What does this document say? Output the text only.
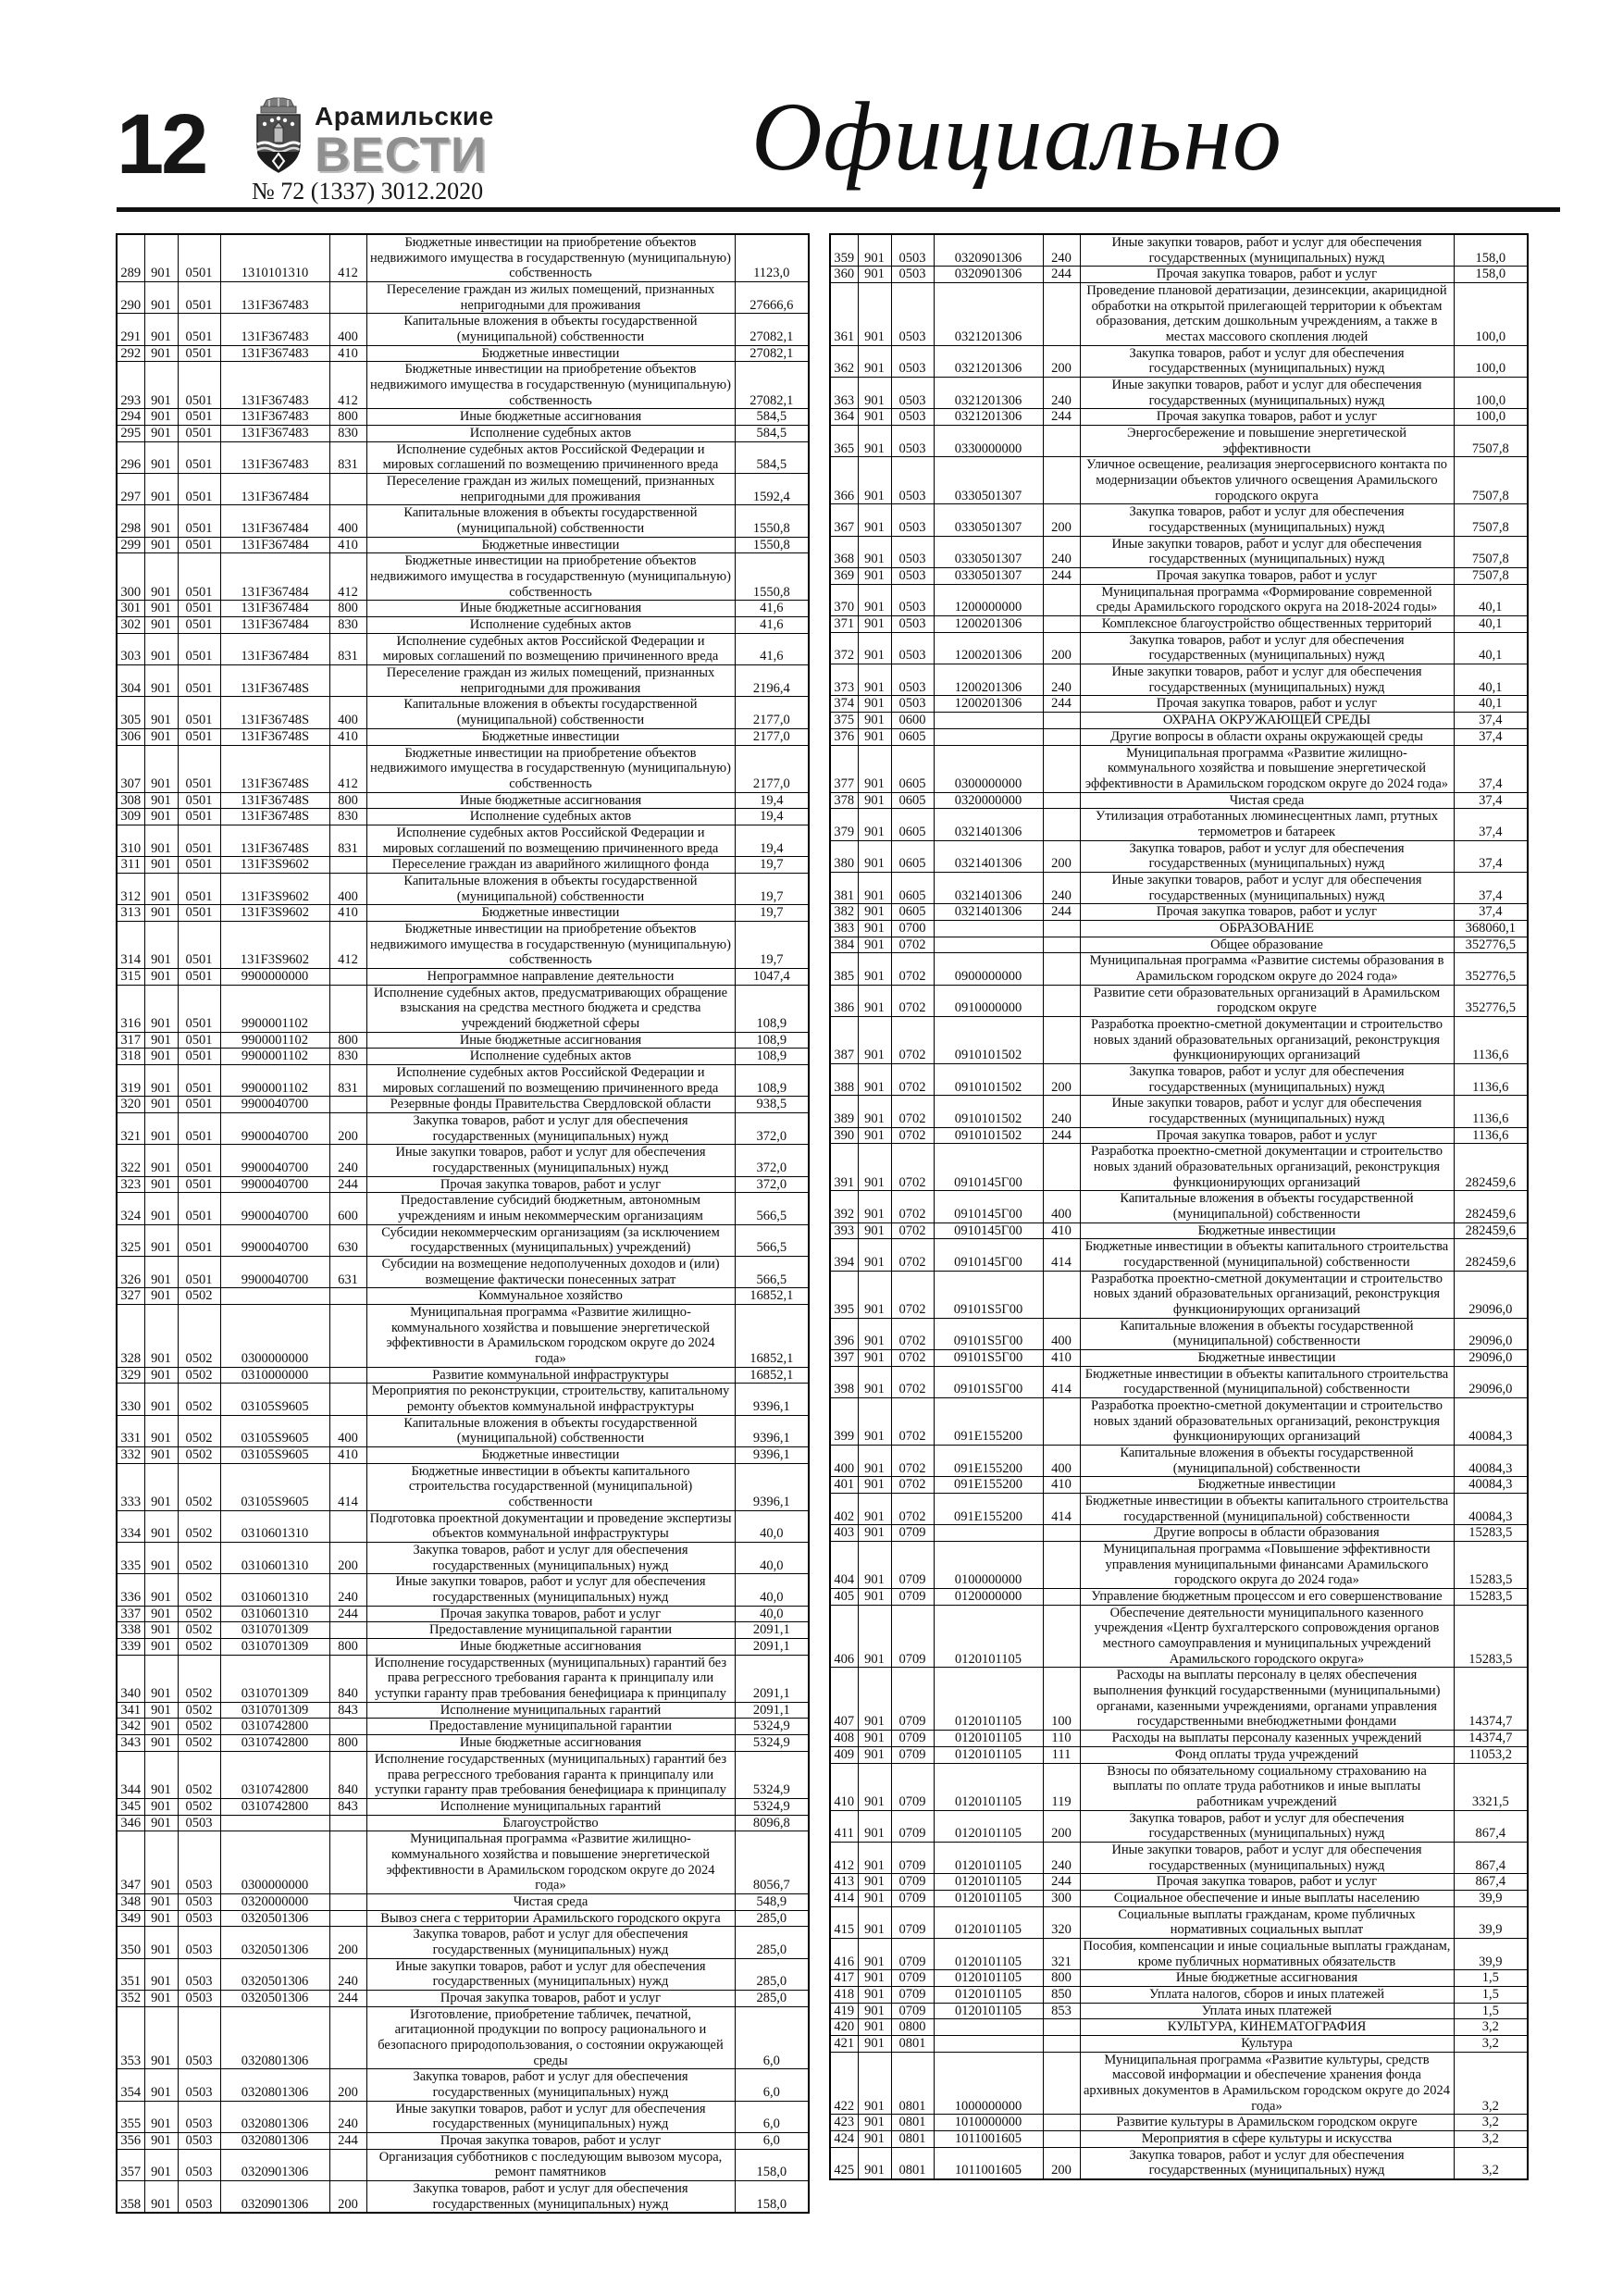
12	Арамильские
ВЕСТИ
№ 72 (1337) 3012.2020
Официально
289	901	0501	1310101310	412	Бюджетные инвестиции на приобретение объектов недвижимого имущества в государственную (муниципальную) собственность	1123,0
290	901	0501	131F367483		Переселение граждан из жилых помещений, признанных непригодными для проживания	27666,6
291	901	0501	131F367483	400	Капитальные вложения в объекты государственной (муниципальной) собственности	27082,1
292	901	0501	131F367483	410	Бюджетные инвестиции	27082,1
293	901	0501	131F367483	412	Бюджетные инвестиции на приобретение объектов недвижимого имущества в государственную (муниципальную) собственность	27082,1
294	901	0501	131F367483	800	Иные бюджетные ассигнования	584,5
295	901	0501	131F367483	830	Исполнение судебных актов	584,5
296	901	0501	131F367483	831	Исполнение судебных актов Российской Федерации и мировых соглашений по возмещению причиненного вреда	584,5
297	901	0501	131F367484		Переселение граждан из жилых помещений, признанных непригодными для проживания	1592,4
298	901	0501	131F367484	400	Капитальные вложения в объекты государственной (муниципальной) собственности	1550,8
299	901	0501	131F367484	410	Бюджетные инвестиции	1550,8
300	901	0501	131F367484	412	Бюджетные инвестиции на приобретение объектов недвижимого имущества в государственную (муниципальную) собственность	1550,8
301	901	0501	131F367484	800	Иные бюджетные ассигнования	41,6
302	901	0501	131F367484	830	Исполнение судебных актов	41,6
303	901	0501	131F367484	831	Исполнение судебных актов Российской Федерации и мировых соглашений по возмещению причиненного вреда	41,6
304	901	0501	131F36748S		Переселение граждан из жилых помещений, признанных непригодными для проживания	2196,4
305	901	0501	131F36748S	400	Капитальные вложения в объекты государственной (муниципальной) собственности	2177,0
306	901	0501	131F36748S	410	Бюджетные инвестиции	2177,0
307	901	0501	131F36748S	412	Бюджетные инвестиции на приобретение объектов недвижимого имущества в государственную (муниципальную) собственность	2177,0
308	901	0501	131F36748S	800	Иные бюджетные ассигнования	19,4
309	901	0501	131F36748S	830	Исполнение судебных актов	19,4
310	901	0501	131F36748S	831	Исполнение судебных актов Российской Федерации и мировых соглашений по возмещению причиненного вреда	19,4
311	901	0501	131F3S9602		Переселение граждан из аварийного жилищного фонда	19,7
312	901	0501	131F3S9602	400	Капитальные вложения в объекты государственной (муниципальной) собственности	19,7
313	901	0501	131F3S9602	410	Бюджетные инвестиции	19,7
314	901	0501	131F3S9602	412	Бюджетные инвестиции на приобретение объектов недвижимого имущества в государственную (муниципальную) собственность	19,7
315	901	0501	9900000000		Непрограммное направление деятельности	1047,4
316	901	0501	9900001102		Исполнение судебных актов, предусматривающих обращение взыскания на средства местного бюджета и средства учреждений бюджетной сферы	108,9
317	901	0501	9900001102	800	Иные бюджетные ассигнования	108,9
318	901	0501	9900001102	830	Исполнение судебных актов	108,9
319	901	0501	9900001102	831	Исполнение судебных актов Российской Федерации и мировых соглашений по возмещению причиненного вреда	108,9
320	901	0501	9900040700		Резервные фонды Правительства Свердловской области	938,5
321	901	0501	9900040700	200	Закупка товаров, работ и услуг для обеспечения государственных (муниципальных) нужд	372,0
322	901	0501	9900040700	240	Иные закупки товаров, работ и услуг для обеспечения государственных (муниципальных) нужд	372,0
323	901	0501	9900040700	244	Прочая закупка товаров, работ и услуг	372,0
324	901	0501	9900040700	600	Предоставление субсидий бюджетным, автономным учреждениям и иным некоммерческим организациям	566,5
325	901	0501	9900040700	630	Субсидии некоммерческим организациям (за исключением государственных (муниципальных) учреждений)	566,5
326	901	0501	9900040700	631	Субсидии на возмещение недополученных доходов и (или) возмещение фактически понесенных затрат	566,5
327	901	0502			Коммунальное хозяйство	16852,1
328	901	0502	0300000000		Муниципальная программа «Развитие жилищно-коммунального хозяйства и повышение энергетической эффективности в Арамильском городском округе до 2024 года»	16852,1
329	901	0502	0310000000		Развитие коммунальной инфраструктуры	16852,1
330	901	0502	03105S9605		Мероприятия по реконструкции, строительству, капитальному ремонту объектов коммунальной инфраструктуры	9396,1
331	901	0502	03105S9605	400	Капитальные вложения в объекты государственной (муниципальной) собственности	9396,1
332	901	0502	03105S9605	410	Бюджетные инвестиции	9396,1
333	901	0502	03105S9605	414	Бюджетные инвестиции в объекты капитального строительства государственной (муниципальной) собственности	9396,1
334	901	0502	0310601310		Подготовка проектной документации и проведение экспертизы объектов коммунальной инфраструктуры	40,0
335	901	0502	0310601310	200	Закупка товаров, работ и услуг для обеспечения государственных (муниципальных) нужд	40,0
336	901	0502	0310601310	240	Иные закупки товаров, работ и услуг для обеспечения государственных (муниципальных) нужд	40,0
337	901	0502	0310601310	244	Прочая закупка товаров, работ и услуг	40,0
338	901	0502	0310701309		Предоставление муниципальной гарантии	2091,1
339	901	0502	0310701309	800	Иные бюджетные ассигнования	2091,1
340	901	0502	0310701309	840	Исполнение государственных (муниципальных) гарантий без права регрессного требования гаранта к принципалу или уступки гаранту прав требования бенефициара к принципалу	2091,1
341	901	0502	0310701309	843	Исполнение муниципальных гарантий	2091,1
342	901	0502	0310742800		Предоставление муниципальной гарантии	5324,9
343	901	0502	0310742800	800	Иные бюджетные ассигнования	5324,9
344	901	0502	0310742800	840	Исполнение государственных (муниципальных) гарантий без права регрессного требования гаранта к принципалу или уступки гаранту прав требования бенефициара к принципалу	5324,9
345	901	0502	0310742800	843	Исполнение муниципальных гарантий	5324,9
346	901	0503			Благоустройство	8096,8
347	901	0503	0300000000		Муниципальная программа «Развитие жилищно-коммунального хозяйства и повышение энергетической эффективности в Арамильском городском округе до 2024 года»	8056,7
348	901	0503	0320000000		Чистая среда	548,9
349	901	0503	0320501306		Вывоз снега с территории Арамильского городского округа	285,0
350	901	0503	0320501306	200	Закупка товаров, работ и услуг для обеспечения государственных (муниципальных) нужд	285,0
351	901	0503	0320501306	240	Иные закупки товаров, работ и услуг для обеспечения государственных (муниципальных) нужд	285,0
352	901	0503	0320501306	244	Прочая закупка товаров, работ и услуг	285,0
353	901	0503	0320801306		Изготовление, приобретение табличек, печатной, агитационной продукции по вопросу рационального и безопасного природопользования, о состоянии окружающей среды	6,0
354	901	0503	0320801306	200	Закупка товаров, работ и услуг для обеспечения государственных (муниципальных) нужд	6,0
355	901	0503	0320801306	240	Иные закупки товаров, работ и услуг для обеспечения государственных (муниципальных) нужд	6,0
356	901	0503	0320801306	244	Прочая закупка товаров, работ и услуг	6,0
357	901	0503	0320901306		Организация субботников с последующим вывозом мусора, ремонт памятников	158,0
358	901	0503	0320901306	200	Закупка товаров, работ и услуг для обеспечения государственных (муниципальных) нужд	158,0
359	901	0503	0320901306	240	Иные закупки товаров, работ и услуг для обеспечения государственных (муниципальных) нужд	158,0
360	901	0503	0320901306	244	Прочая закупка товаров, работ и услуг	158,0
361	901	0503	0321201306		Проведение плановой дератизации, дезинсекции, акарицидной обработки на открытой прилегающей территории к объектам образования, детским дошкольным учреждениям, а также в местах массового скопления людей	100,0
362	901	0503	0321201306	200	Закупка товаров, работ и услуг для обеспечения государственных (муниципальных) нужд	100,0
363	901	0503	0321201306	240	Иные закупки товаров, работ и услуг для обеспечения государственных (муниципальных) нужд	100,0
364	901	0503	0321201306	244	Прочая закупка товаров, работ и услуг	100,0
365	901	0503	0330000000		Энергосбережение и повышение энергетической эффективности	7507,8
366	901	0503	0330501307		Уличное освещение, реализация энергосервисного контакта по модернизации объектов уличного освещения Арамильского городского округа	7507,8
367	901	0503	0330501307	200	Закупка товаров, работ и услуг для обеспечения государственных (муниципальных) нужд	7507,8
368	901	0503	0330501307	240	Иные закупки товаров, работ и услуг для обеспечения государственных (муниципальных) нужд	7507,8
369	901	0503	0330501307	244	Прочая закупка товаров, работ и услуг	7507,8
370	901	0503	1200000000		Муниципальная программа «Формирование современной среды Арамильского городского округа на 2018-2024 годы»	40,1
371	901	0503	1200201306		Комплексное благоустройство общественных территорий	40,1
372	901	0503	1200201306	200	Закупка товаров, работ и услуг для обеспечения государственных (муниципальных) нужд	40,1
373	901	0503	1200201306	240	Иные закупки товаров, работ и услуг для обеспечения государственных (муниципальных) нужд	40,1
374	901	0503	1200201306	244	Прочая закупка товаров, работ и услуг	40,1
375	901	0600			ОХРАНА ОКРУЖАЮЩЕЙ СРЕДЫ	37,4
376	901	0605			Другие вопросы в области охраны окружающей среды	37,4
377	901	0605	0300000000		Муниципальная программа «Развитие жилищно-коммунального хозяйства и повышение энергетической эффективности в Арамильском городском округе до 2024 года»	37,4
378	901	0605	0320000000		Чистая среда	37,4
379	901	0605	0321401306		Утилизация отработанных люминесцентных ламп, ртутных термометров и батареек	37,4
380	901	0605	0321401306	200	Закупка товаров, работ и услуг для обеспечения государственных (муниципальных) нужд	37,4
381	901	0605	0321401306	240	Иные закупки товаров, работ и услуг для обеспечения государственных (муниципальных) нужд	37,4
382	901	0605	0321401306	244	Прочая закупка товаров, работ и услуг	37,4
383	901	0700			ОБРАЗОВАНИЕ	368060,1
384	901	0702			Общее образование	352776,5
385	901	0702	0900000000		Муниципальная программа «Развитие системы образования в Арамильском городском округе до 2024 года»	352776,5
386	901	0702	0910000000		Развитие сети образовательных организаций в Арамильском городском округе	352776,5
387	901	0702	0910101502		Разработка проектно-сметной документации и строительство новых зданий образовательных организаций, реконструкция функционирующих организаций	1136,6
388	901	0702	0910101502	200	Закупка товаров, работ и услуг для обеспечения государственных (муниципальных) нужд	1136,6
389	901	0702	0910101502	240	Иные закупки товаров, работ и услуг для обеспечения государственных (муниципальных) нужд	1136,6
390	901	0702	0910101502	244	Прочая закупка товаров, работ и услуг	1136,6
391	901	0702	0910145Г00		Разработка проектно-сметной документации и строительство новых зданий образовательных организаций, реконструкция функционирующих организаций	282459,6
392	901	0702	0910145Г00	400	Капитальные вложения в объекты государственной (муниципальной) собственности	282459,6
393	901	0702	0910145Г00	410	Бюджетные инвестиции	282459,6
394	901	0702	0910145Г00	414	Бюджетные инвестиции в объекты капитального строительства государственной (муниципальной) собственности	282459,6
395	901	0702	09101S5Г00		Разработка проектно-сметной документации и строительство новых зданий образовательных организаций, реконструкция функционирующих организаций	29096,0
396	901	0702	09101S5Г00	400	Капитальные вложения в объекты государственной (муниципальной) собственности	29096,0
397	901	0702	09101S5Г00	410	Бюджетные инвестиции	29096,0
398	901	0702	09101S5Г00	414	Бюджетные инвестиции в объекты капитального строительства государственной (муниципальной) собственности	29096,0
399	901	0702	091E155200		Разработка проектно-сметной документации и строительство новых зданий образовательных организаций, реконструкция функционирующих организаций	40084,3
400	901	0702	091E155200	400	Капитальные вложения в объекты государственной (муниципальной) собственности	40084,3
401	901	0702	091E155200	410	Бюджетные инвестиции	40084,3
402	901	0702	091E155200	414	Бюджетные инвестиции в объекты капитального строительства государственной (муниципальной) собственности	40084,3
403	901	0709			Другие вопросы в области образования	15283,5
404	901	0709	0100000000		Муниципальная программа «Повышение эффективности управления муниципальными финансами Арамильского городского округа до 2024 года»	15283,5
405	901	0709	0120000000		Управление бюджетным процессом и его совершенствование	15283,5
406	901	0709	0120101105		Обеспечение деятельности муниципального казенного учреждения «Центр бухгалтерского сопровождения органов местного самоуправления и муниципальных учреждений Арамильского городского округа»	15283,5
407	901	0709	0120101105	100	Расходы на выплаты персоналу в целях обеспечения выполнения функций государственными (муниципальными) органами, казенными учреждениями, органами управления государственными внебюджетными фондами	14374,7
408	901	0709	0120101105	110	Расходы на выплаты персоналу казенных учреждений	14374,7
409	901	0709	0120101105	111	Фонд оплаты труда учреждений	11053,2
410	901	0709	0120101105	119	Взносы по обязательному социальному страхованию на выплаты по оплате труда работников и иные выплаты работникам учреждений	3321,5
411	901	0709	0120101105	200	Закупка товаров, работ и услуг для обеспечения государственных (муниципальных) нужд	867,4
412	901	0709	0120101105	240	Иные закупки товаров, работ и услуг для обеспечения государственных (муниципальных) нужд	867,4
413	901	0709	0120101105	244	Прочая закупка товаров, работ и услуг	867,4
414	901	0709	0120101105	300	Социальное обеспечение и иные выплаты населению	39,9
415	901	0709	0120101105	320	Социальные выплаты гражданам, кроме публичных нормативных социальных выплат	39,9
416	901	0709	0120101105	321	Пособия, компенсации и иные социальные выплаты гражданам, кроме публичных нормативных обязательств	39,9
417	901	0709	0120101105	800	Иные бюджетные ассигнования	1,5
418	901	0709	0120101105	850	Уплата налогов, сборов и иных платежей	1,5
419	901	0709	0120101105	853	Уплата иных платежей	1,5
420	901	0800			КУЛЬТУРА, КИНЕМАТОГРАФИЯ	3,2
421	901	0801			Культура	3,2
422	901	0801	1000000000		Муниципальная программа «Развитие культуры, средств массовой информации и обеспечение хранения фонда архивных документов в Арамильском городском округе до 2024 года»	3,2
423	901	0801	1010000000		Развитие культуры в Арамильском городском округе	3,2
424	901	0801	1011001605		Мероприятия в сфере культуры и искусства	3,2
425	901	0801	1011001605	200	Закупка товаров, работ и услуг для обеспечения государственных (муниципальных) нужд	3,2
